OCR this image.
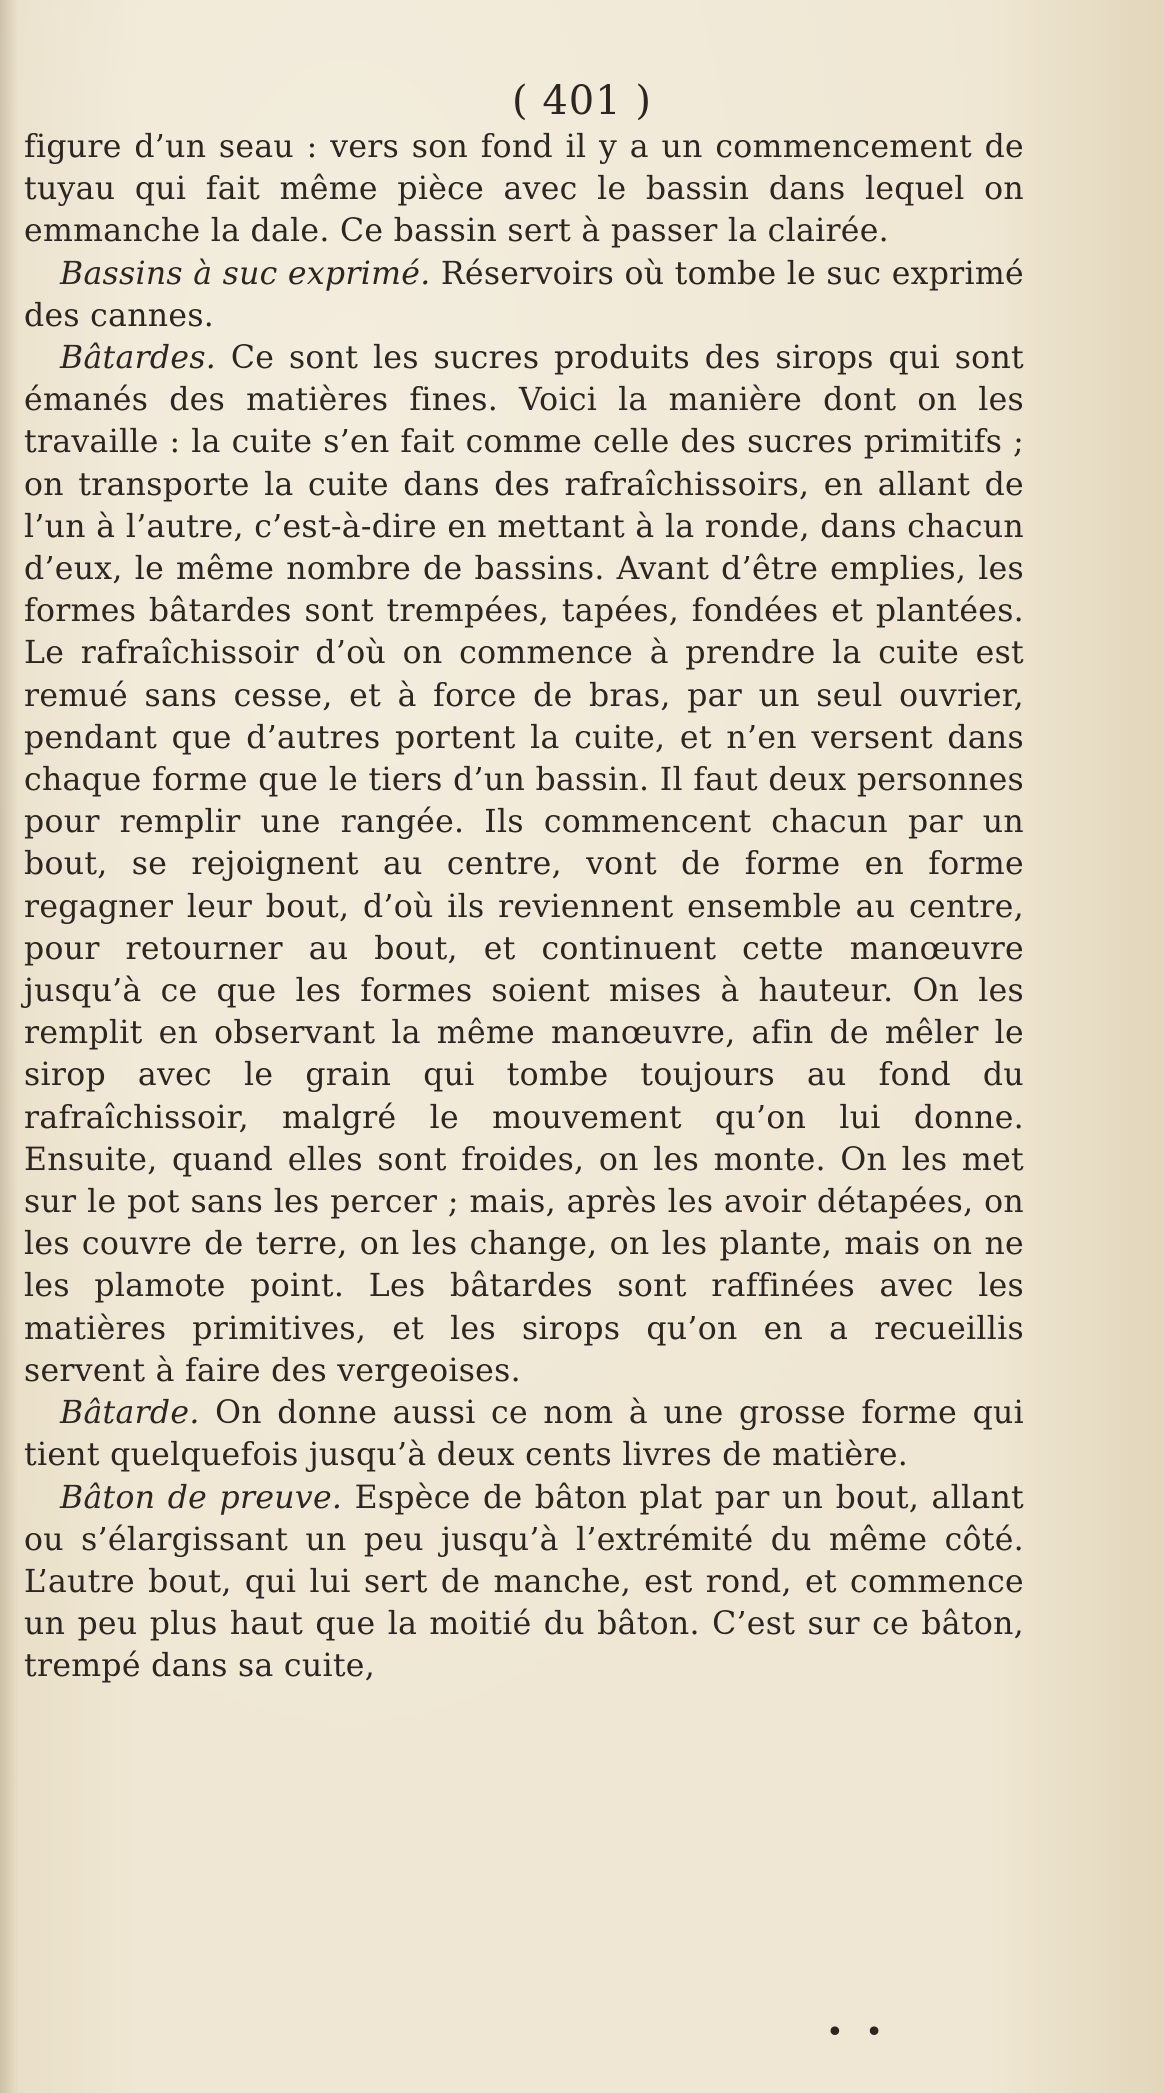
( 401 )

figure d’un seau : vers son fond il y a un commencement de tuyau qui fait même pièce avec le bassin dans lequel on emmanche la dale. Ce bassin sert à passer la clairée.

Bassins à suc exprimé. Réservoirs où tombe le suc exprimé des cannes.

Bâtardes. Ce sont les sucres produits des sirops qui sont émanés des matières fines. Voici la manière dont on les travaille : la cuite s’en fait comme celle des sucres primitifs ; on transporte la cuite dans des rafraîchissoirs, en allant de l’un à l’autre, c’est-à-dire en mettant à la ronde, dans chacun d’eux, le même nombre de bassins. Avant d’être emplies, les formes bâtardes sont trempées, tapées, fondées et plantées. Le rafraîchissoir d’où on commence à prendre la cuite est remué sans cesse, et à force de bras, par un seul ouvrier, pendant que d’autres portent la cuite, et n’en versent dans chaque forme que le tiers d’un bassin. Il faut deux personnes pour remplir une rangée. Ils commencent chacun par un bout, se rejoignent au centre, vont de forme en forme regagner leur bout, d’où ils reviennent ensemble au centre, pour retourner au bout, et continuent cette manœuvre jusqu’à ce que les formes soient mises à hauteur. On les remplit en observant la même manœuvre, afin de mêler le sirop avec le grain qui tombe toujours au fond du rafraîchissoir, malgré le mouvement qu’on lui donne. Ensuite, quand elles sont froides, on les monte. On les met sur le pot sans les percer ; mais, après les avoir détapées, on les couvre de terre, on les change, on les plante, mais on ne les plamote point. Les bâtardes sont raffinées avec les matières primitives, et les sirops qu’on en a recueillis servent à faire des vergeoises.

Bâtarde. On donne aussi ce nom à une grosse forme qui tient quelquefois jusqu’à deux cents livres de matière.

Bâton de preuve. Espèce de bâton plat par un bout, allant ou s’élargissant un peu jusqu’à l’extrémité du même côté. L’autre bout, qui lui sert de manche, est rond, et commence un peu plus haut que la moitié du bâton. C’est sur ce bâton, trempé dans sa cuite,

• •
